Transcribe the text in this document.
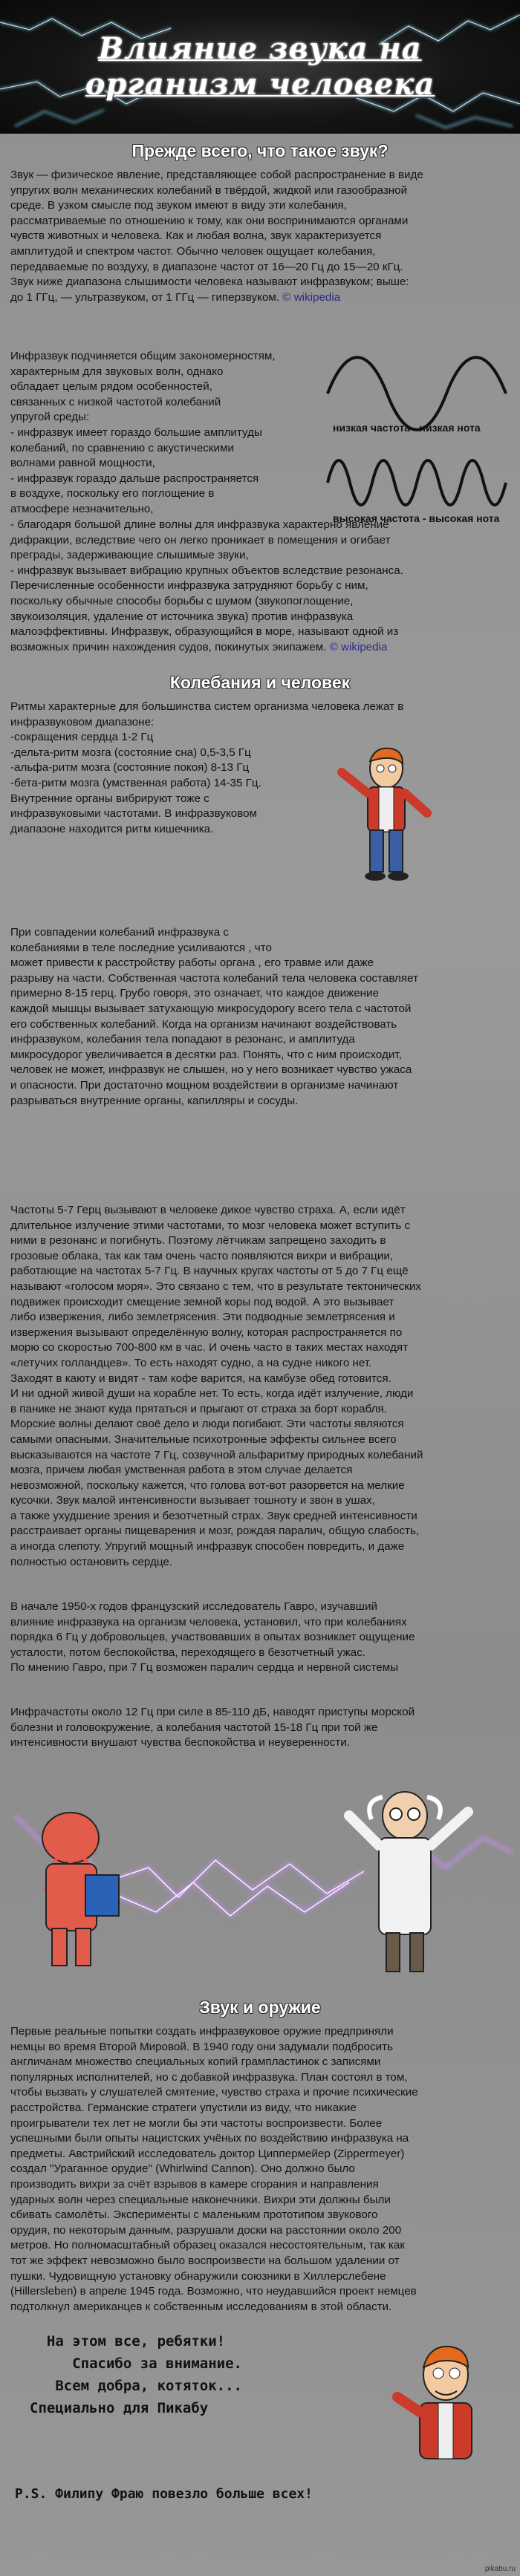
Влияние звука на
организм человека
Прежде всего, что такое звук?

Звук — физическое явление, представляющее собой распространение в виде

упругих волн механических колебаний в твёрдой, жидкой или газообразной

среде. В узком смысле под звуком имеют в виду эти колебания,

рассматриваемые по отношению к тому, как они воспринимаются органами

чувств животных и человека. Как и любая волна, звук характеризуется

амплитудой и спектром частот. Обычно человек ощущает колебания,

передаваемые по воздуху, в диапазоне частот от 16—20 Гц до 15—20 кГц.

Звук ниже диапазона слышимости человека называют инфразвуком; выше:

до 1 ГГц, — ультразвуком, от 1 ГГц — гиперзвуком. © wikipedia

Инфразвук подчиняется общим закономерностям,

характерным для звуковых волн, однако

обладает целым рядом особенностей,

связанных с низкой частотой колебаний

упругой среды:

- инфразвук имеет гораздо большие амплитуды

колебаний, по сравнению с акустическими

волнами равной мощности,

- инфразвук гораздо дальше распространяется

в воздухе, поскольку его поглощение в

атмосфере незначительно,

низкая частота - низкая нота
высокая частота - высокая нота

- благодаря большой длине волны для инфразвука характерно явление

дифракции, вследствие чего он легко проникает в помещения и огибает

преграды, задерживающие слышимые звуки,

- инфразвук вызывает вибрацию крупных объектов вследствие резонанса.

Перечисленные особенности инфразвука затрудняют борьбу с ним,

поскольку обычные способы борьбы с шумом (звукопоглощение,

звукоизоляция, удаление от источника звука) против инфразвука

малоэффективны. Инфразвук, образующийся в море, называют одной из

возможных причин нахождения судов, покинутых экипажем. © wikipedia

Колебания и человек

Ритмы характерные для большинства систем организма человека лежат в

инфразвуковом диапазоне:

-сокращения сердца 1-2 Гц

-дельта-ритм мозга (состояние сна) 0,5-3,5 Гц

-альфа-ритм мозга (состояние покоя) 8-13 Гц

-бета-ритм мозга (умственная работа) 14-35 Гц.

Внутренние органы вибрируют тоже с

инфразвуковыми частотами. В инфразвуковом

диапазоне находится ритм кишечника.

При совпадении колебаний инфразвука с

колебаниями в теле последние усиливаются , что

может привести к расстройству работы органа , его травме или даже

разрыву на части. Собственная частота колебаний тела человека составляет

примерно 8-15 герц. Грубо говоря, это означает, что каждое движение

каждой мышцы вызывает затухающую микросудорогу всего тела с частотой

его собственных колебаний. Когда на организм начинают воздействовать

инфразвуком, колебания тела попадают в резонанс, и амплитуда

микросудорог увеличивается в десятки раз. Понять, что с ним происходит,

человек не может, инфразвук не слышен, но у него возникает чувство ужаса

и опасности. При достаточно мощном воздействии в организме начинают

разрываться внутренние органы, капилляры и сосуды.

Частоты 5-7 Герц вызывают в человеке дикое чувство страха. А, если идёт

длительное излучение этими частотами, то мозг человека может вступить с

ними в резонанс и погибнуть. Поэтому лётчикам запрещено заходить в

грозовые облака, так как там очень часто появляются вихри и вибрации,

работающие на частотах 5-7 Гц. В научных кругах частоты от 5 до 7 Гц ещё

называют «голосом моря». Это связано с тем, что в результате тектонических

подвижек происходит смещение земной коры под водой. А это вызывает

либо извержения, либо землетрясения. Эти подводные землетрясения и

извержения вызывают определённую волну, которая распространяется по

морю со скоростью 700-800 км в час. И очень часто в таких местах находят

«летучих голландцев». То есть находят судно, а на судне никого нет.

Заходят в каюту и видят - там кофе варится, на камбузе обед готовится.

И ни одной живой души на корабле нет. То есть, когда идёт излучение, люди

в панике не знают куда прятаться и прыгают от страха за борт корабля.

Морские волны делают своё дело и люди погибают. Эти частоты являются

самыми опасными. Значительные психотронные эффекты сильнее всего

высказываются на частоте 7 Гц, созвучной альфаритму природных колебаний

мозга, причем любая умственная работа в этом случае делается

невозможной, поскольку кажется, что голова вот-вот разорвется на мелкие

кусочки. Звук малой интенсивности вызывает тошноту и звон в ушах,

а также ухудшение зрения и безотчетный страх. Звук средней интенсивности

расстраивает органы пищеварения и мозг, рождая паралич, общую слабость,

а иногда слепоту. Упругий мощный инфразвук способен повредить, и даже

полностью остановить сердце.

В начале 1950-х годов французский исследователь Гавро, изучавший

влияние инфразвука на организм человека, установил, что при колебаниях

порядка 6 Гц у добровольцев, участвовавших в опытах возникает ощущение

усталости, потом беспокойства, переходящего в безотчетный ужас.

По мнению Гавро, при 7 Гц возможен паралич сердца и нервной системы

Инфрачастоты около 12 Гц при силе в 85-110 дБ, наводят приступы морской

болезни и головокружение, а колебания частотой 15-18 Гц при той же

интенсивности внушают чувства беспокойства и неуверенности.

Звук и оружие

Первые реальные попытки создать инфразвуковое оружие предприняли

немцы во время Второй Мировой. В 1940 году они задумали подбросить

англичанам множество специальных копий грампластинок с записями

популярных исполнителей, но с добавкой инфразвука. План состоял в том,

чтобы вызвать у слушателей смятение, чувство страха и прочие психические

расстройства. Германские стратеги упустили из виду, что никакие

проигрыватели тех лет не могли бы эти частоты воспроизвести. Более

успешными были опыты нацистских учёных по воздействию инфразвука на

предметы. Австрийский исследователь доктор Циппермейер (Zippermeyer)

создал "Ураганное орудие" (Whirlwind Cannon). Оно должно было

производить вихри за счёт взрывов в камере сгорания и направления

ударных волн через специальные наконечники. Вихри эти должны были

сбивать самолёты. Эксперименты с маленьким прототипом звукового

орудия, по некоторым данным, разрушали доски на расстоянии около 200

метров. Но полномасштабный образец оказался несостоятельным, так как

тот же эффект невозможно было воспроизвести на большом удалении от

пушки. Чудовищную установку обнаружили союзники в Хиллерслебене

(Hillersleben) в апреле 1945 года. Возможно, что неудавшийся проект немцев

подтолкнул американцев к собственным исследованиям в этой области.

На этом все, ребятки!
Спасибо за внимание.
Всем добра, котяток...
Специально для Пикабу
P.S. Филипу Фраю повезло больше всех!
pikabu.ru
